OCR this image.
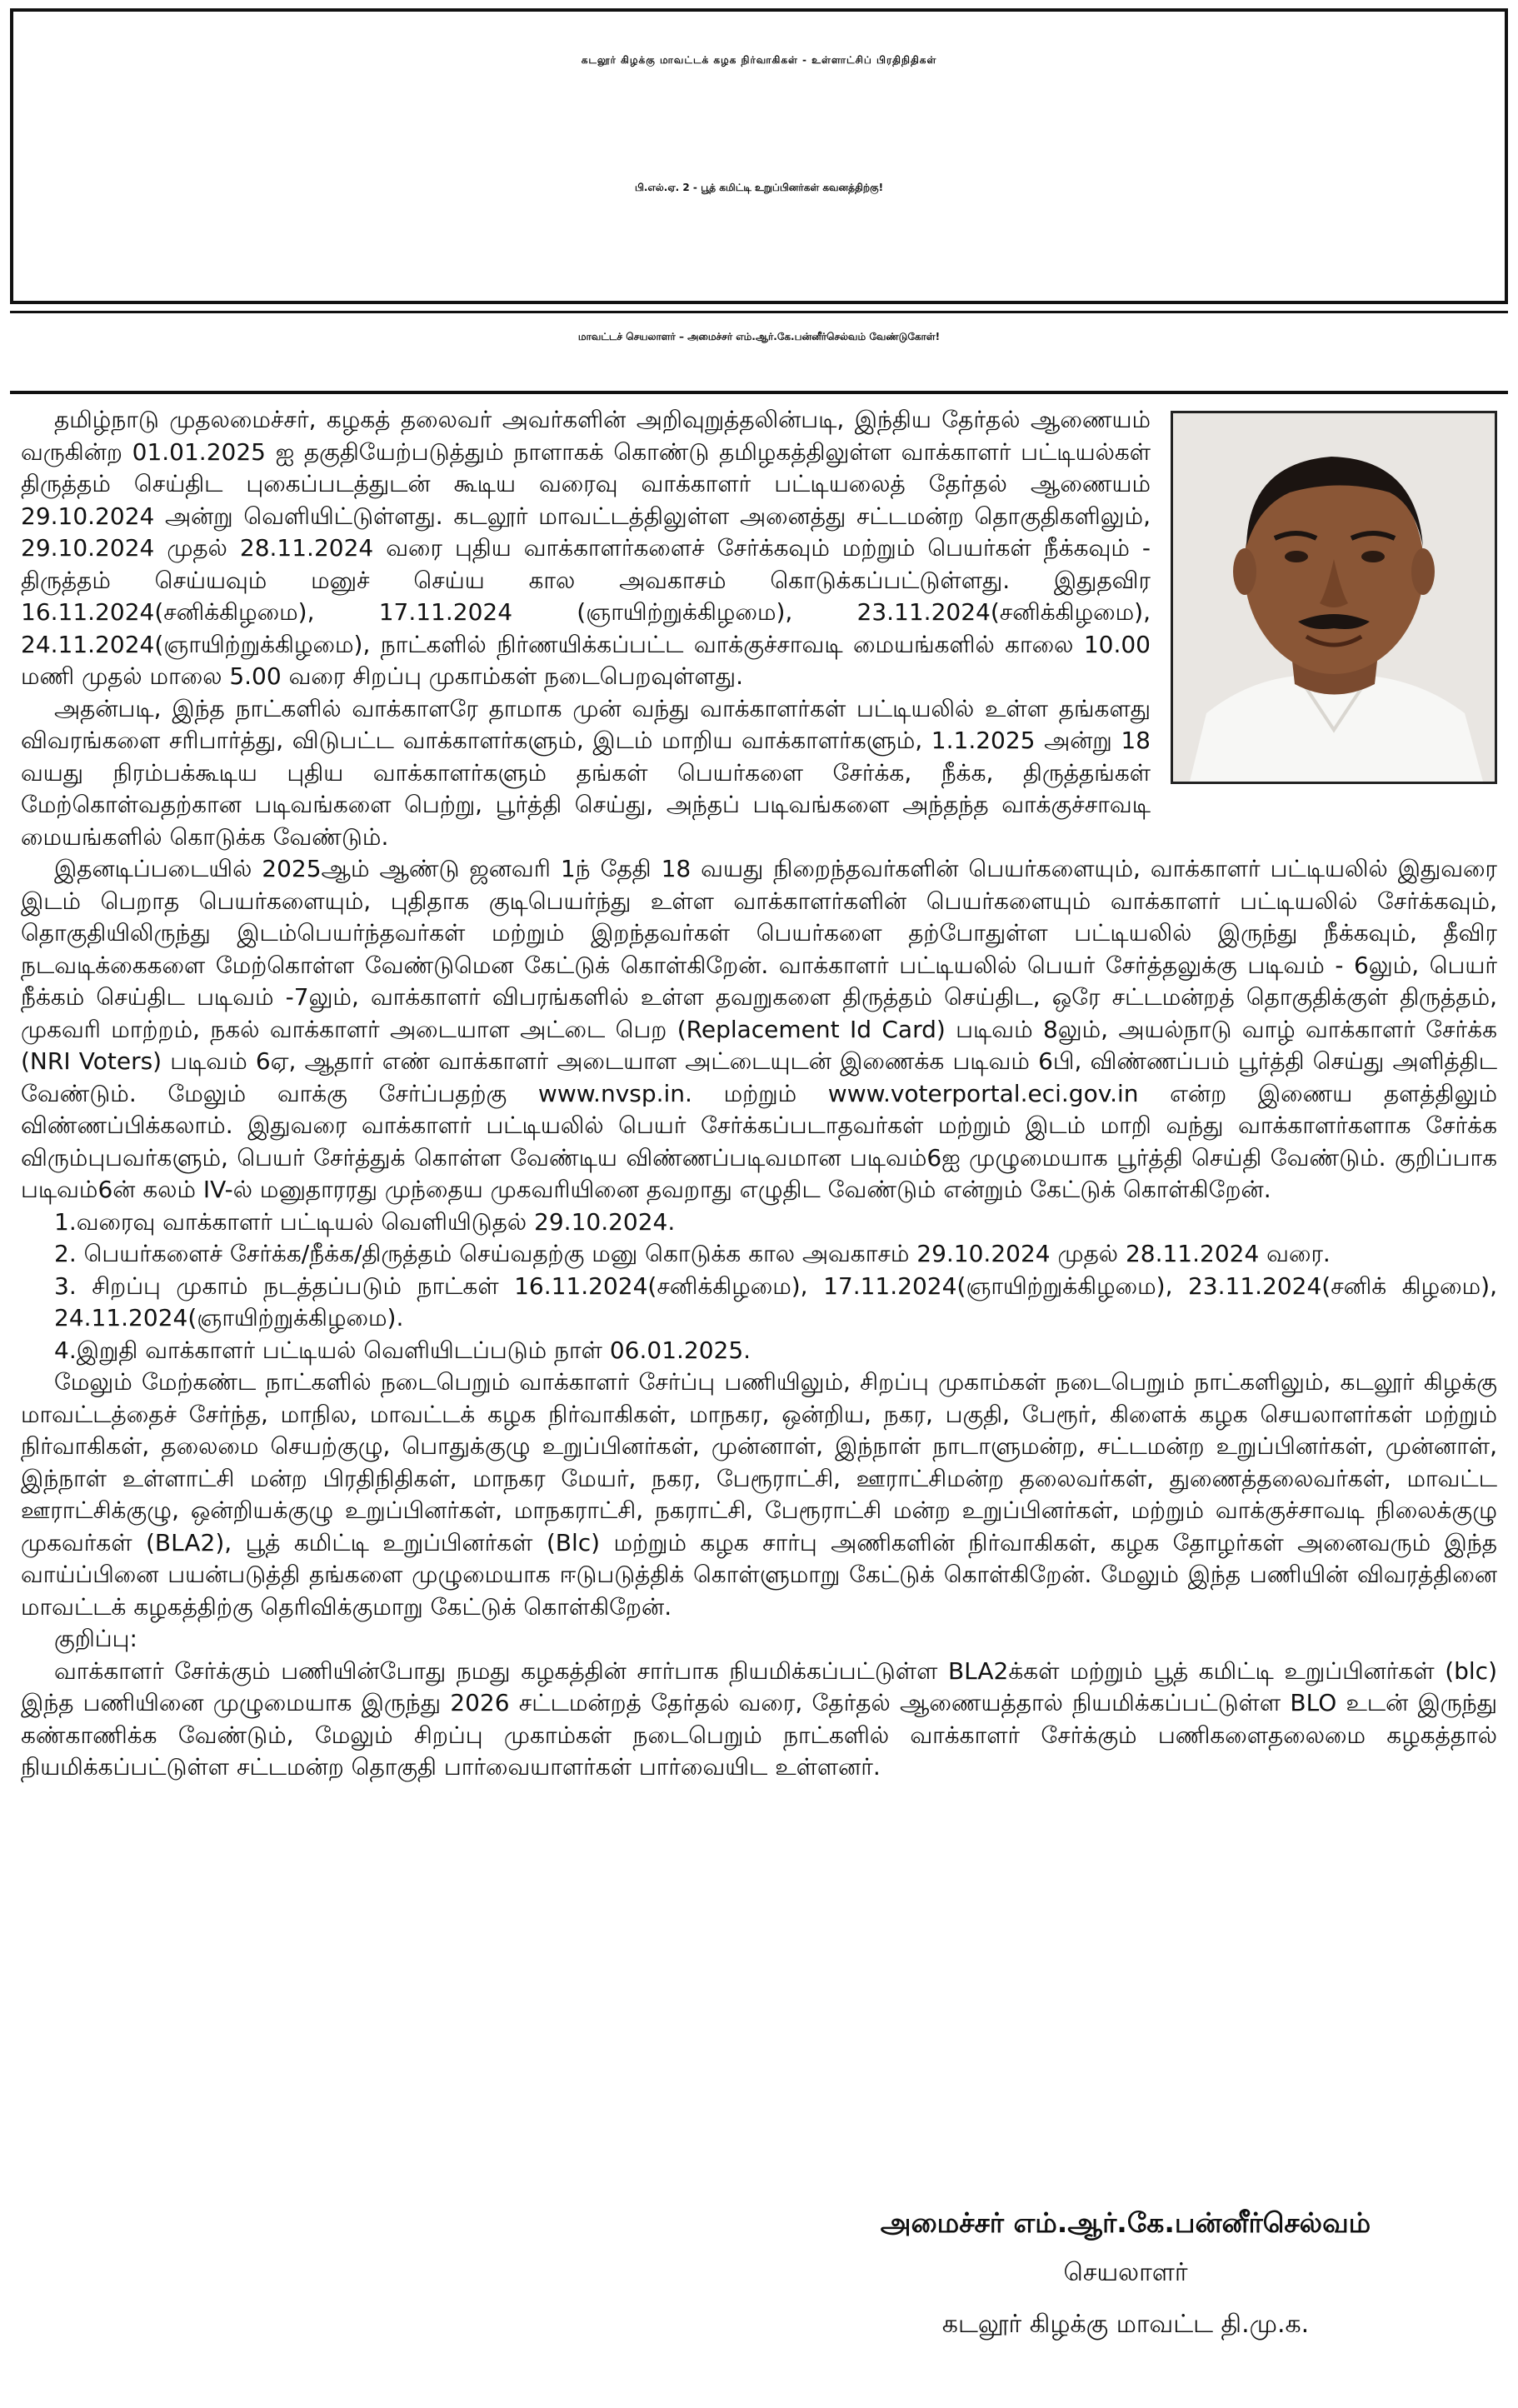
கடலூர் கிழக்கு மாவட்டக் கழக நிர்வாகிகள் - உள்ளாட்சிப் பிரதிநிதிகள்
பி.எல்.ஏ. 2 - பூத் கமிட்டி உறுப்பினர்கள் கவனத்திற்கு!
மாவட்டச் செயலாளர் – அமைச்சர் எம்.ஆர்.கே.பன்னீர்செல்வம் வேண்டுகோள்!

தமிழ்நாடு முதலமைச்சர், கழகத் தலைவர் அவர்களின் அறிவுறுத்தலின்படி, இந்திய தேர்தல் ஆணையம் வருகின்ற 01.01.2025 ஐ தகுதியேற்படுத்தும் நாளாகக் கொண்டு தமிழகத்திலுள்ள வாக்காளர் பட்டியல்கள் திருத்தம் செய்திட புகைப்படத்துடன் கூடிய வரைவு வாக்காளர் பட்டியலைத் தேர்தல் ஆணையம் 29.10.2024 அன்று வெளியிட்டுள்ளது. கடலூர் மாவட்டத்திலுள்ள அனைத்து சட்டமன்ற தொகுதிகளிலும், 29.10.2024 முதல் 28.11.2024 வரை புதிய வாக்காளர்களைச் சேர்க்கவும் மற்றும் பெயர்கள் நீக்கவும் - திருத்தம் செய்யவும் மனுச் செய்ய கால அவகாசம் கொடுக்கப்பட்டுள்ளது. இதுதவிர 16.11.2024(சனிக்கிழமை), 17.11.2024 (ஞாயிற்றுக்கிழமை), 23.11.2024(சனிக்கிழமை), 24.11.2024(ஞாயிற்றுக்கிழமை), நாட்களில் நிர்ணயிக்கப்பட்ட வாக்குச்சாவடி மையங்களில் காலை 10.00 மணி முதல் மாலை 5.00 வரை சிறப்பு முகாம்கள் நடைபெறவுள்ளது.

அதன்படி, இந்த நாட்களில் வாக்காளரே தாமாக முன் வந்து வாக்காளர்கள் பட்டியலில் உள்ள தங்களது விவரங்களை சரிபார்த்து, விடுபட்ட வாக்காளர்களும், இடம் மாறிய வாக்காளர்களும், 1.1.2025 அன்று 18 வயது நிரம்பக்கூடிய புதிய வாக்காளர்களும் தங்கள் பெயர்களை சேர்க்க, நீக்க, திருத்தங்கள் மேற்கொள்வதற்கான படிவங்களை பெற்று, பூர்த்தி செய்து, அந்தப் படிவங்களை அந்தந்த வாக்குச்சாவடி மையங்களில் கொடுக்க வேண்டும்.

இதனடிப்படையில் 2025ஆம் ஆண்டு ஜனவரி 1ந் தேதி 18 வயது நிறைந்தவர்களின் பெயர்களையும், வாக்காளர் பட்டியலில் இதுவரை இடம் பெறாத பெயர்களையும், புதிதாக குடிபெயர்ந்து உள்ள வாக்காளர்களின் பெயர்களையும் வாக்காளர் பட்டியலில் சேர்க்கவும், தொகுதியிலிருந்து இடம்பெயர்ந்தவர்கள் மற்றும் இறந்தவர்கள் பெயர்களை தற்போதுள்ள பட்டியலில் இருந்து நீக்கவும், தீவிர நடவடிக்கைகளை மேற்கொள்ள வேண்டுமென கேட்டுக் கொள்கிறேன். வாக்காளர் பட்டியலில் பெயர் சேர்த்தலுக்கு படிவம் - 6லும், பெயர் நீக்கம் செய்திட படிவம் -7லும், வாக்காளர் விபரங்களில் உள்ள தவறுகளை திருத்தம் செய்திட, ஒரே சட்டமன்றத் தொகுதிக்குள் திருத்தம், முகவரி மாற்றம், நகல் வாக்காளர் அடையாள அட்டை பெற (Replacement Id Card) படிவம் 8லும், அயல்நாடு வாழ் வாக்காளர் சேர்க்க (NRI Voters) படிவம் 6ஏ, ஆதார் எண் வாக்காளர் அடையாள அட்டையுடன் இணைக்க படிவம் 6பி, விண்ணப்பம் பூர்த்தி செய்து அளித்திட வேண்டும். மேலும் வாக்கு சேர்ப்பதற்கு www.nvsp.in. மற்றும் www.voterportal.eci.gov.in என்ற இணைய தளத்திலும் விண்ணப்பிக்கலாம். இதுவரை வாக்காளர் பட்டியலில் பெயர் சேர்க்கப்படாதவர்கள் மற்றும் இடம் மாறி வந்து வாக்காளர்களாக சேர்க்க விரும்புபவர்களும், பெயர் சேர்த்துக் கொள்ள வேண்டிய விண்ணப்படிவமான படிவம்6ஐ முழுமையாக பூர்த்தி செய்தி வேண்டும். குறிப்பாக படிவம்6ன் கலம் IV-ல் மனுதாரரது முந்தைய முகவரியினை தவறாது எழுதிட வேண்டும் என்றும் கேட்டுக் கொள்கிறேன்.

1.வரைவு வாக்காளர் பட்டியல் வெளியிடுதல் 29.10.2024.

2. பெயர்களைச் சேர்க்க/நீக்க/திருத்தம் செய்வதற்கு மனு கொடுக்க கால அவகாசம் 29.10.2024 முதல் 28.11.2024 வரை.

3. சிறப்பு முகாம் நடத்தப்படும் நாட்கள் 16.11.2024(சனிக்கிழமை), 17.11.2024(ஞாயிற்றுக்கிழமை), 23.11.2024(சனிக் கிழமை), 24.11.2024(ஞாயிற்றுக்கிழமை).

4.இறுதி வாக்காளர் பட்டியல் வெளியிடப்படும் நாள் 06.01.2025.

மேலும் மேற்கண்ட நாட்களில் நடைபெறும் வாக்காளர் சேர்ப்பு பணியிலும், சிறப்பு முகாம்கள் நடைபெறும் நாட்களிலும், கடலூர் கிழக்கு மாவட்டத்தைச் சேர்ந்த, மாநில, மாவட்டக் கழக நிர்வாகிகள், மாநகர, ஒன்றிய, நகர, பகுதி, பேரூர், கிளைக் கழக செயலாளர்கள் மற்றும் நிர்வாகிகள், தலைமை செயற்குழு, பொதுக்குழு உறுப்பினர்கள், முன்னாள், இந்நாள் நாடாளுமன்ற, சட்டமன்ற உறுப்பினர்கள், முன்னாள், இந்நாள் உள்ளாட்சி மன்ற பிரதிநிதிகள், மாநகர மேயர், நகர, பேரூராட்சி, ஊராட்சிமன்ற தலைவர்கள், துணைத்தலைவர்கள், மாவட்ட ஊராட்சிக்குழு, ஒன்றியக்குழு உறுப்பினர்கள், மாநகராட்சி, நகராட்சி, பேரூராட்சி மன்ற உறுப்பினர்கள், மற்றும் வாக்குச்சாவடி நிலைக்குழு முகவர்கள் (BLA2), பூத் கமிட்டி உறுப்பினர்கள் (Blc) மற்றும் கழக சார்பு அணிகளின் நிர்வாகிகள், கழக தோழர்கள் அனைவரும் இந்த வாய்ப்பினை பயன்படுத்தி தங்களை முழுமையாக ஈடுபடுத்திக் கொள்ளுமாறு கேட்டுக் கொள்கிறேன். மேலும் இந்த பணியின் விவரத்தினை மாவட்டக் கழகத்திற்கு தெரிவிக்குமாறு கேட்டுக் கொள்கிறேன்.

குறிப்பு:

வாக்காளர் சேர்க்கும் பணியின்போது நமது கழகத்தின் சார்பாக நியமிக்கப்பட்டுள்ள BLA2க்கள் மற்றும் பூத் கமிட்டி உறுப்பினர்கள் (blc) இந்த பணியினை முழுமையாக இருந்து 2026 சட்டமன்றத் தேர்தல் வரை, தேர்தல் ஆணையத்தால் நியமிக்கப்பட்டுள்ள BLO உடன் இருந்து கண்காணிக்க வேண்டும், மேலும் சிறப்பு முகாம்கள் நடைபெறும் நாட்களில் வாக்காளர் சேர்க்கும் பணிகளைதலைமை கழகத்தால் நியமிக்கப்பட்டுள்ள சட்டமன்ற தொகுதி பார்வையாளர்கள் பார்வையிட உள்ளனர்.

அமைச்சர் எம்.ஆர்.கே.பன்னீர்செல்வம்
செயலாளர்
கடலூர் கிழக்கு மாவட்ட தி.மு.க.
